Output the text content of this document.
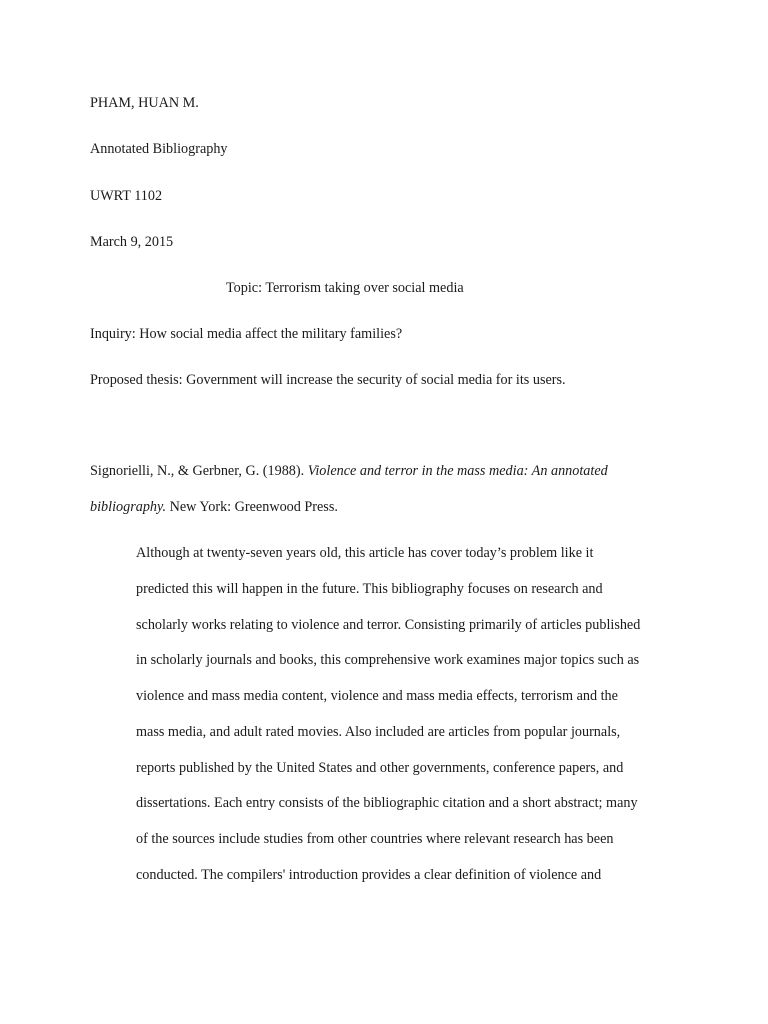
PHAM, HUAN M.

Annotated Bibliography

UWRT 1102

March 9, 2015

Topic: Terrorism taking over social media

Inquiry: How social media affect the military families?

Proposed thesis: Government will increase the security of social media for its users.

Signorielli, N., & Gerbner, G. (1988). Violence and terror in the mass media: An annotated

bibliography. New York: Greenwood Press.

Although at twenty-seven years old, this article has cover today’s problem like it

predicted this will happen in the future. This bibliography focuses on research and

scholarly works relating to violence and terror. Consisting primarily of articles published

in scholarly journals and books, this comprehensive work examines major topics such as

violence and mass media content, violence and mass media effects, terrorism and the

mass media, and adult rated movies. Also included are articles from popular journals,

reports published by the United States and other governments, conference papers, and

dissertations. Each entry consists of the bibliographic citation and a short abstract; many

of the sources include studies from other countries where relevant research has been

conducted. The compilers' introduction provides a clear definition of violence and
